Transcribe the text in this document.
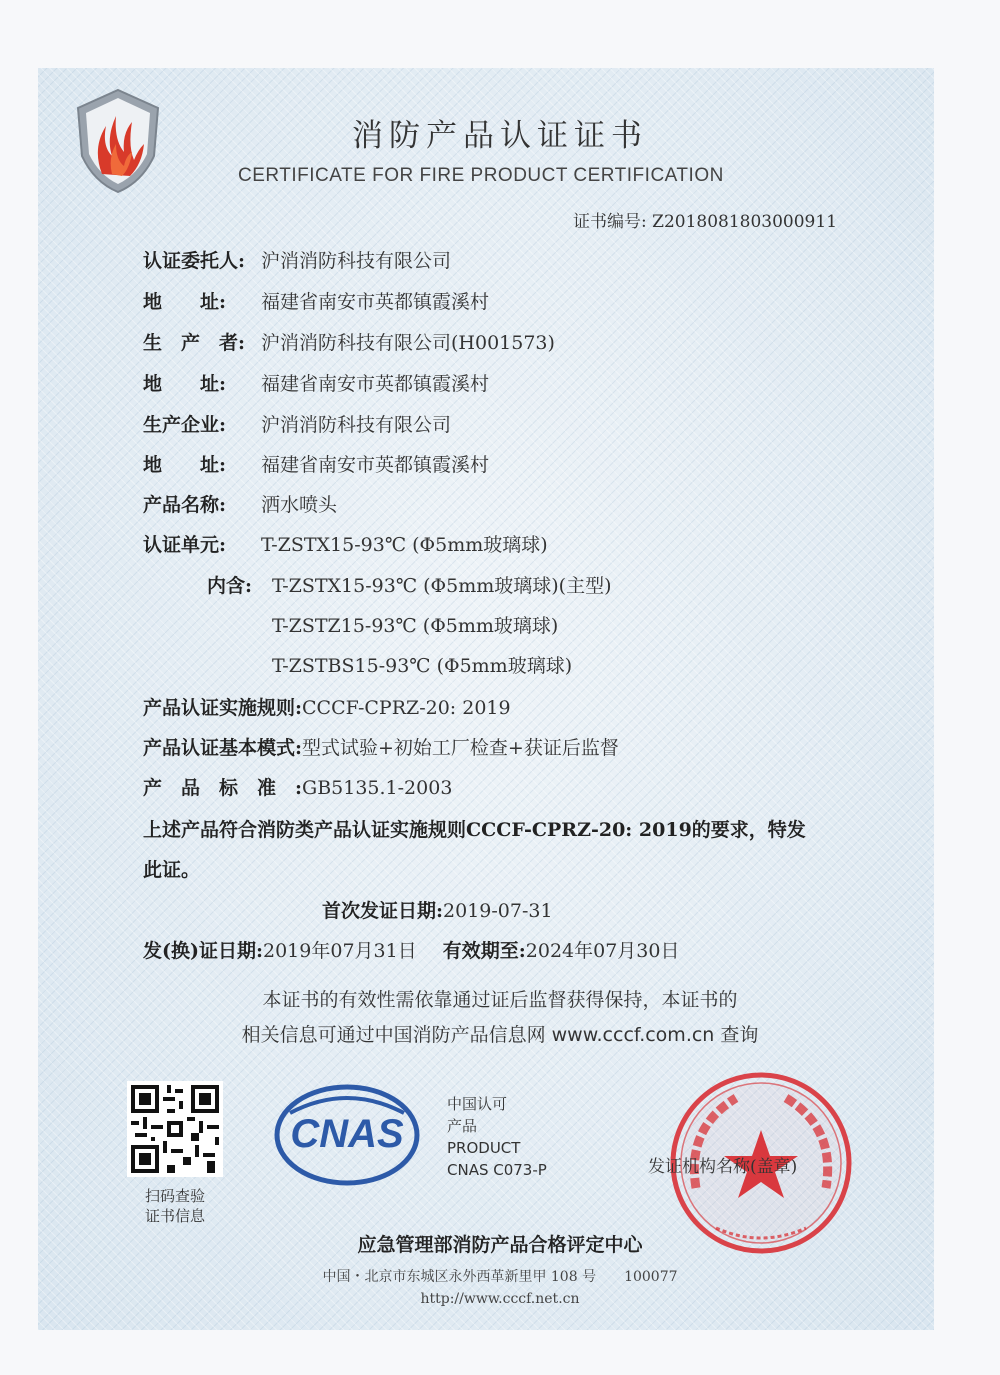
消防产品认证证书
CERTIFICATE FOR FIRE PRODUCT CERTIFICATION
证书编号: Z2018081803000911
认证委托人: 沪消消防科技有限公司
地　　址: 福建省南安市英都镇霞溪村
生　产　者: 沪消消防科技有限公司(H001573)
地　　址: 福建省南安市英都镇霞溪村
生产企业: 沪消消防科技有限公司
地　　址: 福建省南安市英都镇霞溪村
产品名称: 洒水喷头
认证单元: T-ZSTX15-93℃ (Φ5mm玻璃球)
内含: T-ZSTX15-93℃ (Φ5mm玻璃球)(主型)
T-ZSTZ15-93℃ (Φ5mm玻璃球)
T-ZSTBS15-93℃ (Φ5mm玻璃球)
产品认证实施规则:CCCF-CPRZ-20: 2019
产品认证基本模式:型式试验+初始工厂检查+获证后监督
产　品　标　准　:GB5135.1-2003
上述产品符合消防类产品认证实施规则CCCF-CPRZ-20: 2019的要求，特发
此证。
首次发证日期:2019-07-31
发(换)证日期:2019年07月31日 有效期至:2024年07月30日
本证书的有效性需依靠通过证后监督获得保持，本证书的
相关信息可通过中国消防产品信息网 www.cccf.com.cn 查询
扫码查验
证书信息
CNAS
中国认可
产品
PRODUCT
CNAS C073-P	发证机构名称(盖章)
应急管理部消防产品合格评定中心
中国・北京市东城区永外西革新里甲 108 号　　100077
http://www.cccf.net.cn
